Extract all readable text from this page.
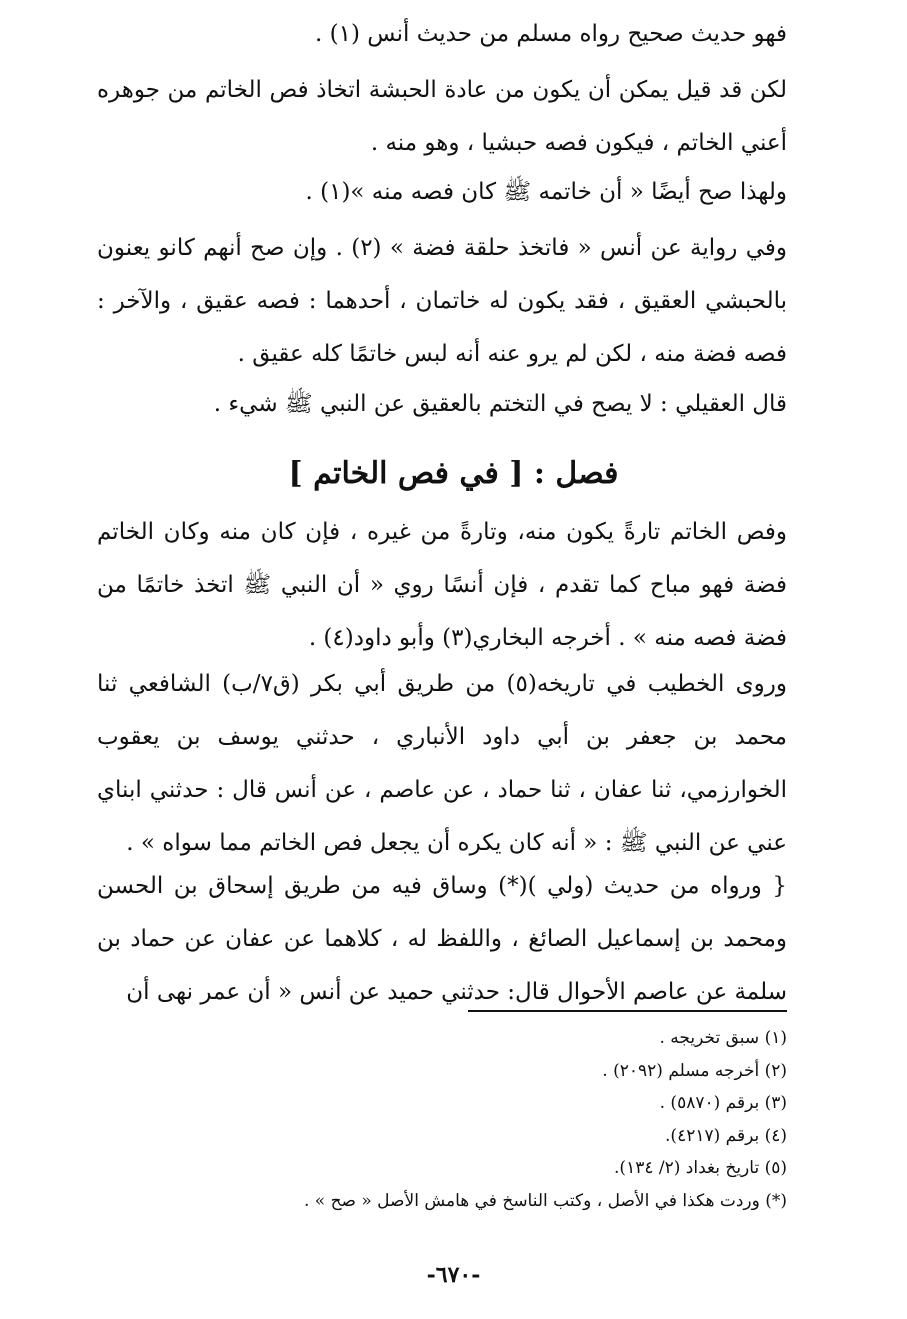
فهو حديث صحيح رواه مسلم من حديث أنس (١) .
لكن قد قيل يمكن أن يكون من عادة الحبشة اتخاذ فص الخاتم من جوهره أعني الخاتم ، فيكون فصه حبشيا ، وهو منه .
ولهذا صح أيضًا « أن خاتمه ﷺ كان فصه منه »(١) .
وفي رواية عن أنس « فاتخذ حلقة فضة » (٢) . وإن صح أنهم كانو يعنون بالحبشي العقيق ، فقد يكون له خاتمان ، أحدهما : فصه عقيق ، والآخر : فصه فضة منه ، لكن لم يرو عنه أنه لبس خاتمًا كله عقيق .
قال العقيلي : لا يصح في التختم بالعقيق عن النبي ﷺ شيء .
فصل : [ في فص الخاتم ]
وفص الخاتم تارةً يكون منه، وتارةً من غيره ، فإن كان منه وكان الخاتم فضة فهو مباح كما تقدم ، فإن أنسًا روي « أن النبي ﷺ اتخذ خاتمًا من فضة فصه منه » . أخرجه البخاري(٣) وأبو داود(٤) .
وروى الخطيب في تاريخه(٥) من طريق أبي بكر (ق٧/ب) الشافعي ثنا محمد بن جعفر بن أبي داود الأنباري ، حدثني يوسف بن يعقوب الخوارزمي، ثنا عفان ، ثنا حماد ، عن عاصم ، عن أنس قال : حدثني ابناي عني عن النبي ﷺ : « أنه كان يكره أن يجعل فص الخاتم مما سواه » .
{ ورواه من حديث (ولي )(*) وساق فيه من طريق إسحاق بن الحسن ومحمد بن إسماعيل الصائغ ، واللفظ له ، كلاهما عن عفان عن حماد بن سلمة عن عاصم الأحوال قال: حدثني حميد عن أنس « أن عمر نهى أن
(١) سبق تخريجه .
(٢) أخرجه مسلم (٢٠٩٢) .
(٣) برقم (٥٨٧٠) .
(٤) برقم (٤٢١٧).
(٥) تاريخ بغداد (٢/ ١٣٤).
(*) وردت هكذا في الأصل ، وكتب الناسخ في هامش الأصل « صح » .
-٦٧٠-
